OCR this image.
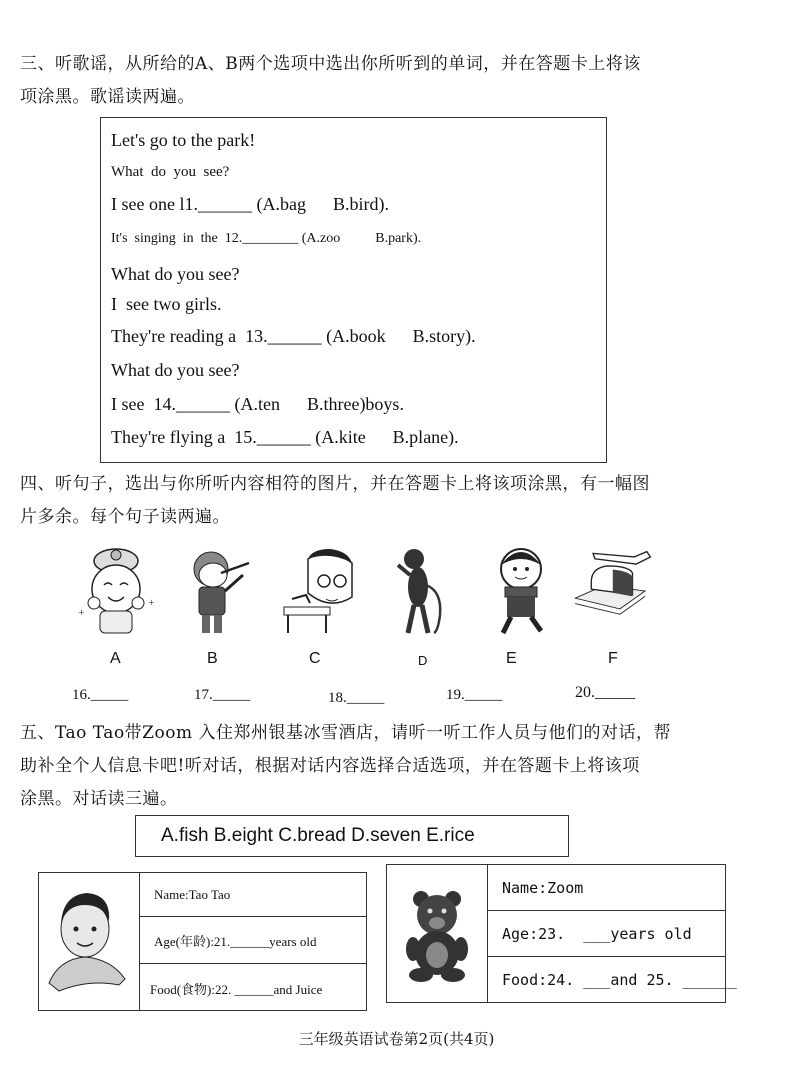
三、听歌谣，从所给的A、B两个选项中选出你所听到的单词，并在答题卡上将该
项涂黑。歌谣读两遍。
Let's go to the park!
What  do  you  see?
I see one l1.______ (A.bag      B.bird).
It's  singing  in  the  12.________ (A.zoo          B.park).
What do you see?
I  see two girls.
They're reading a  13.______ (A.book      B.story).
What do you see?
I see  14.______ (A.ten      B.three)boys.
They're flying a  15.______ (A.kite      B.plane).
四、听句子，选出与你所听内容相符的图片，并在答题卡上将该项涂黑，有一幅图
片多余。每个句子读两遍。
+
+
A	B	C	D	E	F
16._____	17._____	18._____	19._____	20._____
五、Tao Tao带Zoom 入住郑州银基冰雪酒店，请听一听工作人员与他们的对话，帮
助补全个人信息卡吧!听对话，根据对话内容选择合适选项，并在答题卡上将该项
涂黑。对话读三遍。
A.fish B.eight C.bread D.seven E.rice
Name:Tao Tao
Age(年龄):21.______years old
Food(食物):22. ______and Juice
Name:Zoom
Age:23.  ___years old
Food:24. ___and 25. ______
三年级英语试卷第2页(共4页)
